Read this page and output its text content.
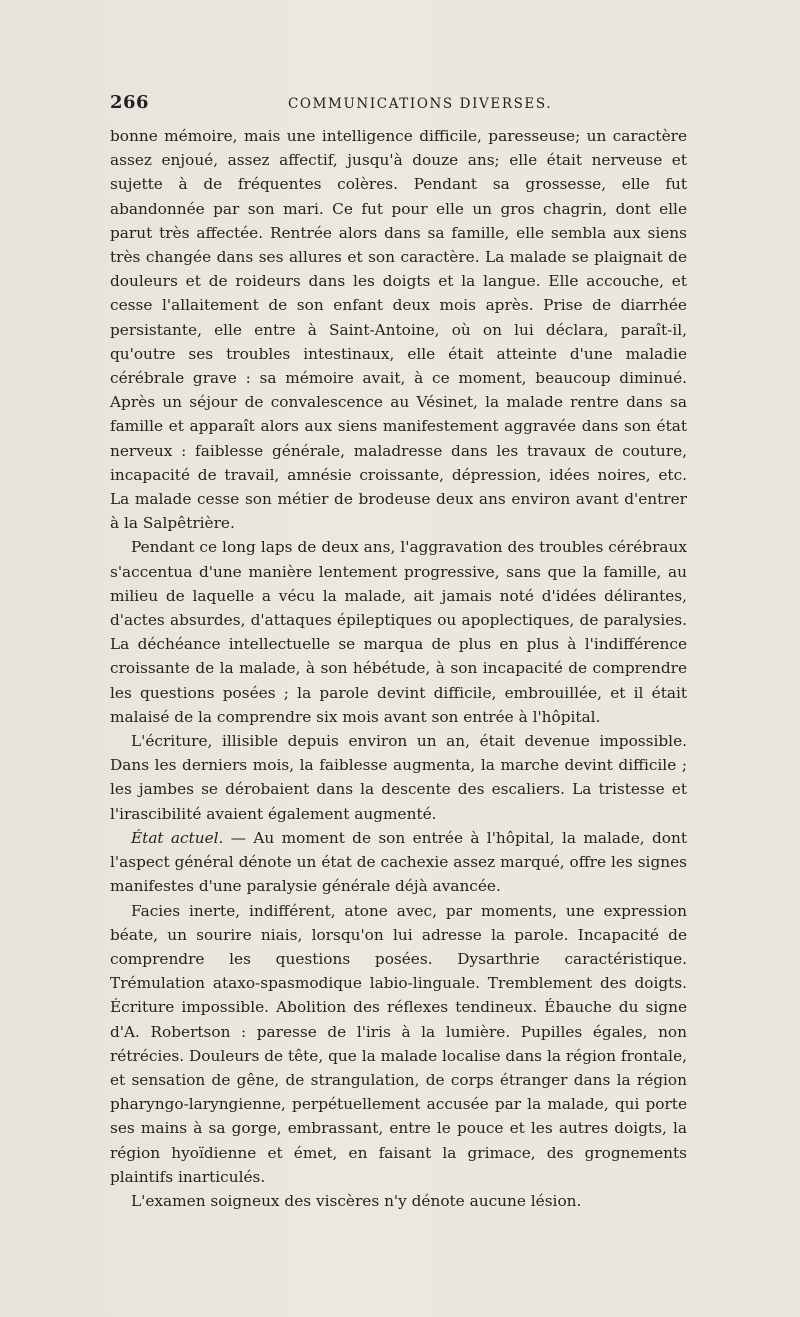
266	COMMUNICATIONS DIVERSES.

bonne mémoire, mais une intelligence difficile, paresseuse; un caractère assez enjoué, assez affectif, jusqu'à douze ans; elle était nerveuse et sujette à de fréquentes colères. Pendant sa grossesse, elle fut abandonnée par son mari. Ce fut pour elle un gros chagrin, dont elle parut très affectée. Rentrée alors dans sa famille, elle sembla aux siens très changée dans ses allures et son caractère. La malade se plaignait de douleurs et de roideurs dans les doigts et la langue. Elle accouche, et cesse l'allaitement de son enfant deux mois après. Prise de diarrhée persistante, elle entre à Saint-Antoine, où on lui déclara, paraît-il, qu'outre ses troubles intestinaux, elle était atteinte d'une maladie cérébrale grave : sa mémoire avait, à ce moment, beaucoup diminué. Après un séjour de convalescence au Vésinet, la malade rentre dans sa famille et apparaît alors aux siens manifestement aggravée dans son état nerveux : faiblesse générale, maladresse dans les travaux de couture, incapacité de travail, amnésie croissante, dépression, idées noires, etc. La malade cesse son métier de brodeuse deux ans environ avant d'entrer à la Salpêtrière.

Pendant ce long laps de deux ans, l'aggravation des troubles cérébraux s'accentua d'une manière lentement progressive, sans que la famille, au milieu de laquelle a vécu la malade, ait jamais noté d'idées délirantes, d'actes absurdes, d'attaques épileptiques ou apoplectiques, de paralysies. La déchéance intellectuelle se marqua de plus en plus à l'indifférence croissante de la malade, à son hébétude, à son incapacité de comprendre les questions posées ; la parole devint difficile, embrouillée, et il était malaisé de la comprendre six mois avant son entrée à l'hôpital.

L'écriture, illisible depuis environ un an, était devenue impossible. Dans les derniers mois, la faiblesse augmenta, la marche devint difficile ; les jambes se dérobaient dans la descente des escaliers. La tristesse et l'irascibilité avaient également augmenté.

État actuel. — Au moment de son entrée à l'hôpital, la malade, dont l'aspect général dénote un état de cachexie assez marqué, offre les signes manifestes d'une paralysie générale déjà avancée.

Facies inerte, indifférent, atone avec, par moments, une expression béate, un sourire niais, lorsqu'on lui adresse la parole. Incapacité de comprendre les questions posées. Dysarthrie caractéristique. Trémulation ataxo-spasmodique labio-linguale. Tremblement des doigts. Écriture impossible. Abolition des réflexes tendineux. Ébauche du signe d'A. Robertson : paresse de l'iris à la lumière. Pupilles égales, non rétrécies. Douleurs de tête, que la malade localise dans la région frontale, et sensation de gêne, de strangulation, de corps étranger dans la région pharyngo-laryngienne, perpétuellement accusée par la malade, qui porte ses mains à sa gorge, embrassant, entre le pouce et les autres doigts, la région hyoïdienne et émet, en faisant la grimace, des grognements plaintifs inarticulés.

L'examen soigneux des viscères n'y dénote aucune lésion.
